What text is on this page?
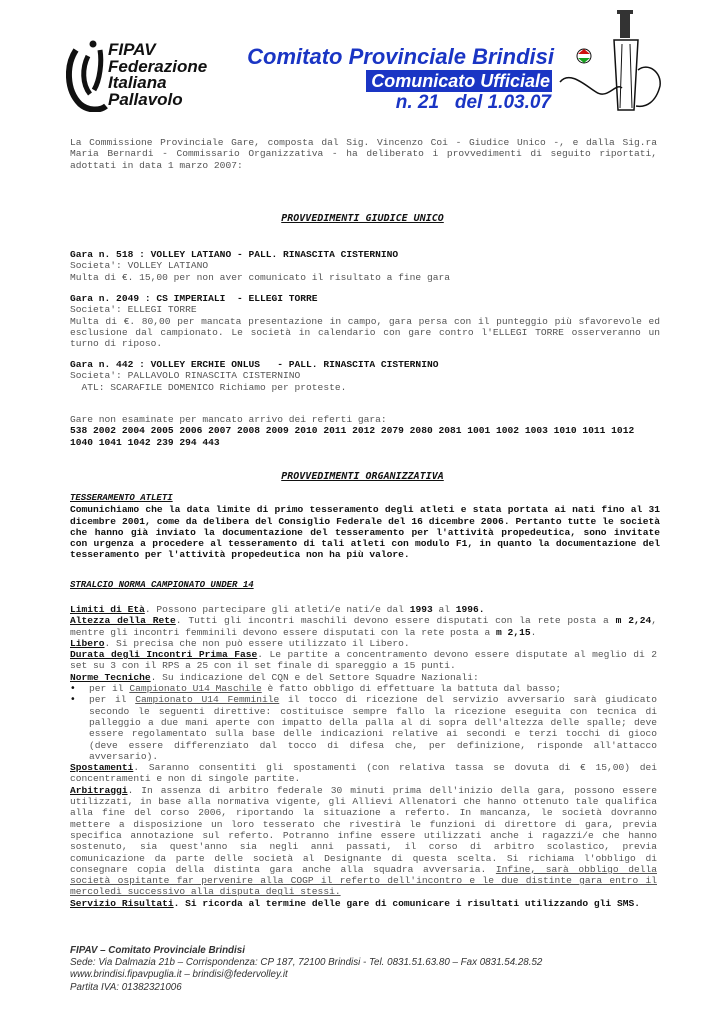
FIPAV
Federazione
Italiana
Pallavolo
Comitato Provinciale Brindisi
Comunicato Ufficiale
n. 21   del 1.03.07
La Commissione Provinciale Gare, composta dal Sig. Vincenzo Coi - Giudice Unico -, e dalla Sig.ra Maria Bernardi - Commissario Organizzativa - ha deliberato i provvedimenti di seguito riportati, adottati in data 1 marzo 2007:
PROVVEDIMENTI GIUDICE UNICO
Gara n. 518 : VOLLEY LATIANO - PALL. RINASCITA CISTERNINO
Societa': VOLLEY LATIANO
Multa di €. 15,00 per non aver comunicato il risultato a fine gara
Gara n. 2049 : CS IMPERIALI  - ELLEGI TORRE
Societa': ELLEGI TORRE
Multa di €. 80,00 per mancata presentazione in campo, gara persa con il punteggio più sfavorevole ed esclusione dal campionato. Le società in calendario con gare contro l'ELLEGI TORRE osserveranno un turno di riposo.
Gara n. 442 : VOLLEY ERCHIE ONLUS   - PALL. RINASCITA CISTERNINO
Societa': PALLAVOLO RINASCITA CISTERNINO
ATL: SCARAFILE DOMENICO Richiamo per proteste.
Gare non esaminate per mancato arrivo dei referti gara:
538 2002 2004 2005 2006 2007 2008 2009 2010 2011 2012 2079 2080 2081 1001 1002 1003 1010 1011 1012 1040 1041 1042 239 294 443
PROVVEDIMENTI ORGANIZZATIVA
TESSERAMENTO ATLETI
Comunichiamo che la data limite di primo tesseramento degli atleti e stata portata ai nati fino al 31 dicembre 2001, come da delibera del Consiglio Federale del 16 dicembre 2006. Pertanto tutte le società che hanno già inviato la documentazione del tesseramento per l'attività propedeutica, sono invitate con urgenza a procedere al tesseramento di tali atleti con modulo F1, in quanto la documentazione del tesseramento per l'attività propedeutica non ha più valore.
STRALCIO NORMA CAMPIONATO UNDER 14
Limiti di Età. Possono partecipare gli atleti/e nati/e dal 1993 al 1996.
Altezza della Rete. Tutti gli incontri maschili devono essere disputati con la rete posta a m 2,24, mentre gli incontri femminili devono essere disputati con la rete posta a m 2,15.
Libero. Si precisa che non può essere utilizzato il Libero.
Durata degli Incontri Prima Fase. Le partite a concentramento devono essere disputate al meglio di 2 set su 3 con il RPS a 25 con il set finale di spareggio a 15 punti.
Norme Tecniche. Su indicazione del CQN e del Settore Squadre Nazionali:
• per il Campionato U14 Maschile è fatto obbligo di effettuare la battuta dal basso;
• per il Campionato U14 Femminile il tocco di ricezione del servizio avversario sarà giudicato secondo le seguenti direttive: costituisce sempre fallo la ricezione eseguita con tecnica di palleggio a due mani aperte con impatto della palla al di sopra dell'altezza delle spalle; deve essere regolamentato sulla base delle indicazioni relative ai secondi e terzi tocchi di gioco (deve essere differenziato dal tocco di difesa che, per definizione, risponde all'attacco avversario).
Spostamenti. Saranno consentiti gli spostamenti (con relativa tassa se dovuta di € 15,00) dei concentramenti e non di singole partite.
Arbitraggi. In assenza di arbitro federale 30 minuti prima dell'inizio della gara, possono essere utilizzati, in base alla normativa vigente, gli Allievi Allenatori che hanno ottenuto tale qualifica alla fine del corso 2006, riportando la situazione a referto. In mancanza, le società dovranno mettere a disposizione un loro tesserato che rivestirà le funzioni di direttore di gara, previa specifica annotazione sul referto. Potranno infine essere utilizzati anche i ragazzi/e che hanno sostenuto, sia quest'anno sia negli anni passati, il corso di arbitro scolastico, previa comunicazione da parte delle società al Designante di questa scelta. Si richiama l'obbligo di consegnare copia della distinta gara anche alla squadra avversaria. Infine, sarà obbligo della società ospitante far pervenire alla COGP il referto dell'incontro e le due distinte gara entro il mercoledì successivo alla disputa degli stessi.
Servizio Risultati. Si ricorda al termine delle gare di comunicare i risultati utilizzando gli SMS.
FIPAV – Comitato Provinciale Brindisi
Sede: Via Dalmazia 21b – Corrispondenza: CP 187, 72100 Brindisi - Tel. 0831.51.63.80 – Fax 0831.54.28.52
www.brindisi.fipavpuglia.it – brindisi@federvolley.it
Partita IVA: 01382321006
